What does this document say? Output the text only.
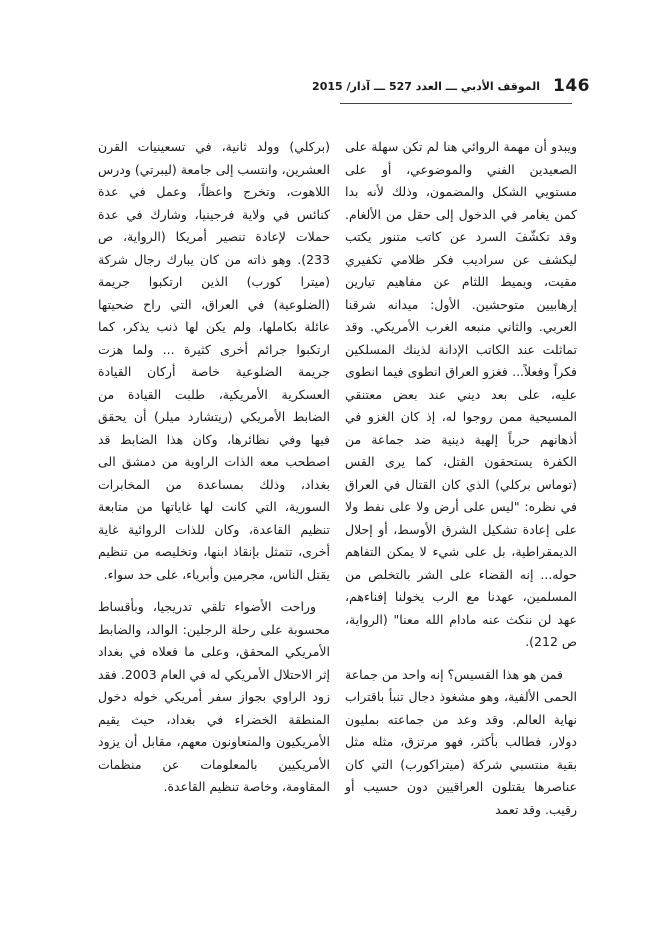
146
الموقف الأدبي ـــ العدد 527 ـــ آذار/ 2015

ويبدو أن مهمة الروائي هنا لم تكن سهلة على الصعيدين الفني والموضوعي، أو على مستويي الشكل والمضمون، وذلك لأنه بدا كمن يغامر في الدخول إلى حقل من الألغام. وقد تكشّفَ السرد عن كاتب متنور يكتب ليكشف عن سراديب فكر ظلامي تكفيري مقيت، ويميط اللثام عن مفاهيم تيارين إرهابيين متوحشين. الأول: ميدانه شرقنا العربي. والثاني منبعه الغرب الأمريكي. وقد تماثلت عند الكاتب الإدانة لذينك المسلكين فكراً وفعلاً... فغزو العراق انطوى فيما انطوى عليه، على بعد ديني عند بعض معتنقي المسيحية ممن روجوا له، إذ كان الغزو في أذهانهم حرباً إلهية دينية ضد جماعة من الكفرة يستحقون القتل، كما يرى القس (توماس بركلي) الذي كان القتال في العراق في نظره: "ليس على أرض ولا على نفط ولا على إعادة تشكيل الشرق الأوسط، أو إحلال الديمقراطية، بل على شيء لا يمكن التفاهم حوله... إنه القضاء على الشر بالتخلص من المسلمين، عهدنا مع الرب يخولنا إفناءهم، عهد لن ننكث عنه مادام الله معنا" (الرواية، ص 212).

فمن هو هذا القسيس؟ إنه واحد من جماعة الحمى الألفية، وهو مشغوذ دجال تنبأ باقتراب نهاية العالم. وقد وعد من جماعته بمليون دولار، فطالب بأكثر، فهو مرتزق، مثله مثل بقية منتسبي شركة (ميتراكورب) التي كان عناصرها يقتلون العراقيين دون حسيب أو رقيب. وقد تعمد

(بركلي) وولد ثانية، في تسعينيات القرن العشرين، وانتسب إلى جامعة (ليبرتي) ودرس اللاهوت، وتخرج واعظاً، وعمل في عدة كنائس في ولاية فرجينيا، وشارك في عدة حملات لإعادة تنصير أمريكا (الرواية، ص 233). وهو ذاته من كان يبارك رجال شركة (ميترا كورب) الذين ارتكبوا جريمة (الضلوعية) في العراق، التي راح ضحيتها عائلة بكاملها، ولم يكن لها ذنب يذكر، كما ارتكبوا جرائم أخرى كثيرة ... ولما هزت جريمة الضلوعية خاصة أركان القيادة العسكرية الأمريكية، طلبت القيادة من الضابط الأمريكي (ريتشارد ميلر) أن يحقق فيها وفي نظائرها، وكان هذا الضابط قد اصطحب معه الذات الراوية من دمشق الى بغداد، وذلك بمساعدة من المخابرات السورية، التي كانت لها غاياتها من متابعة تنظيم القاعدة، وكان للذات الروائية غاية أخرى، تتمثل بإنقاذ ابنها، وتخليصه من تنظيم يقتل الناس، مجرمين وأبرياء، على حد سواء.

وراحت الأضواء تلقي تدريجيا، وبأقساط محسوبة على رحلة الرجلين: الوالد، والضابط الأمريكي المحقق، وعلى ما فعلاه في بغداد إثر الاحتلال الأمريكي له في العام 2003. فقد زود الراوي بجواز سفر أمريكي خوله دخول المنطقة الخضراء في بغداد، حيث يقيم الأمريكيون والمتعاونون معهم، مقابل أن يزود الأمريكيين بالمعلومات عن منظمات المقاومة، وخاصة تنظيم القاعدة.
